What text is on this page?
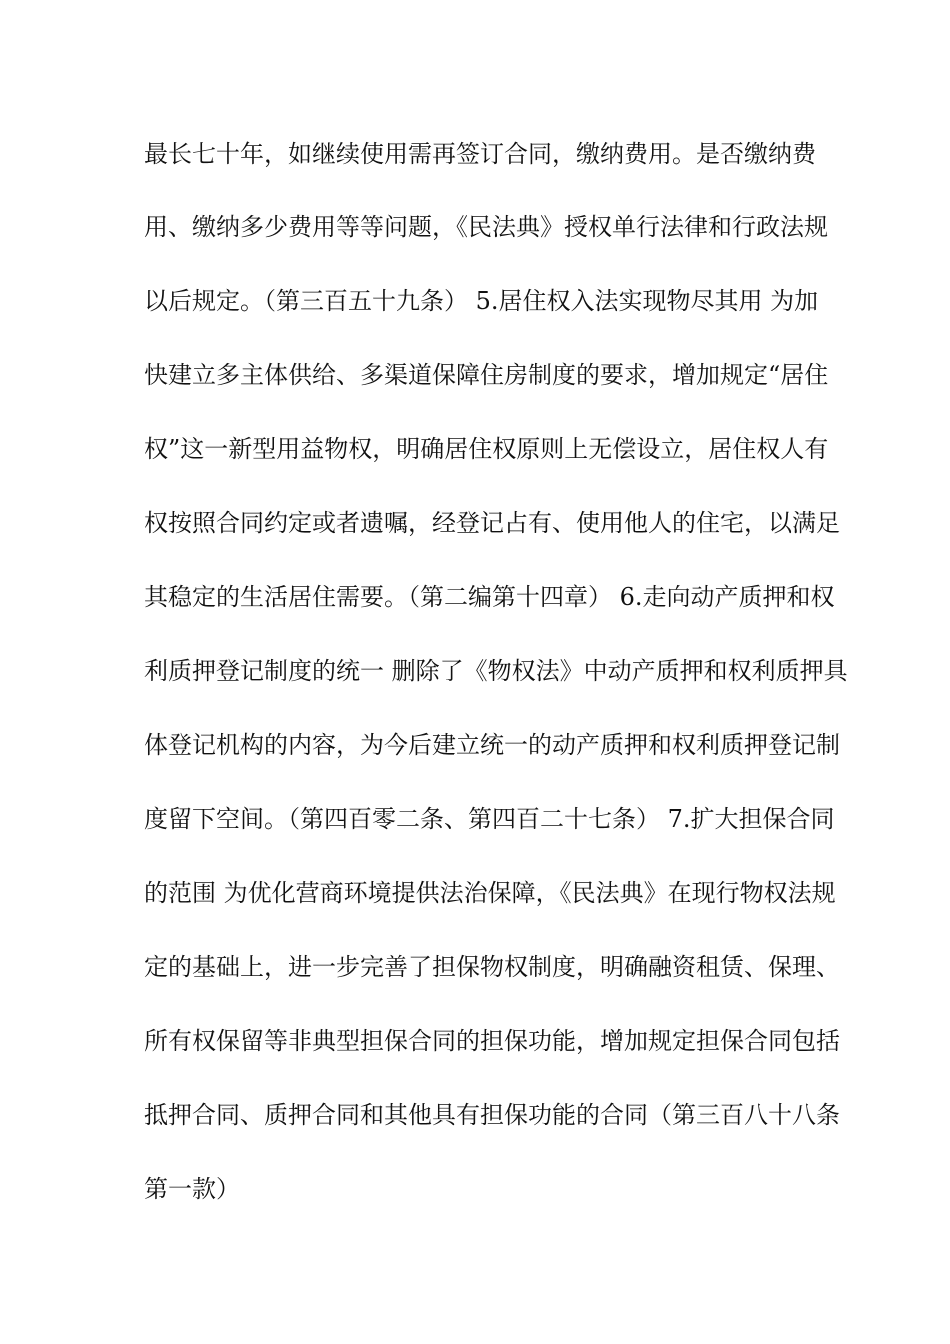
最长七十年，如继续使用需再签订合同，缴纳费用。是否缴纳费
用、缴纳多少费用等等问题，《民法典》授权单行法律和行政法规
以后规定。（第三百五十九条） 5.居住权入法实现物尽其用 为加
快建立多主体供给、多渠道保障住房制度的要求，增加规定“居住
权”这一新型用益物权，明确居住权原则上无偿设立，居住权人有
权按照合同约定或者遗嘱，经登记占有、使用他人的住宅，以满足
其稳定的生活居住需要。（第二编第十四章） 6.走向动产质押和权
利质押登记制度的统一 删除了《物权法》中动产质押和权利质押具
体登记机构的内容，为今后建立统一的动产质押和权利质押登记制
度留下空间。（第四百零二条、第四百二十七条） 7.扩大担保合同
的范围 为优化营商环境提供法治保障，《民法典》在现行物权法规
定的基础上，进一步完善了担保物权制度，明确融资租赁、保理、
所有权保留等非典型担保合同的担保功能，增加规定担保合同包括
抵押合同、质押合同和其他具有担保功能的合同（第三百八十八条
第一款）
